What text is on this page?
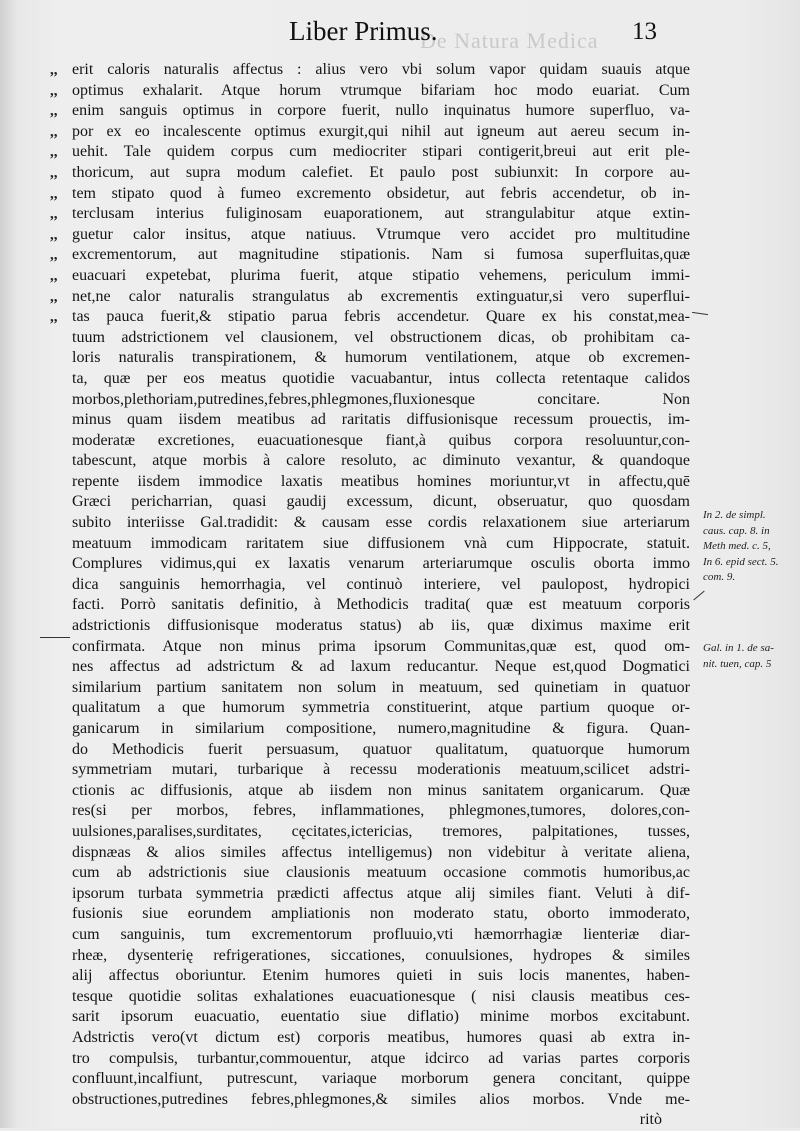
De Natura Medica
Liber Primus.	13
,, erit caloris naturalis affectus : alius vero vbi solum vapor quidam suauis atque
,, optimus exhalarit. Atque horum vtrumque bifariam hoc modo euariat. Cum
,, enim sanguis optimus in corpore fuerit, nullo inquinatus humore superfluo, va-
,, por ex eo incalescente optimus exurgit,qui nihil aut igneum aut aereu secum in-
,, uehit. Tale quidem corpus cum mediocriter stipari contigerit,breui aut erit ple-
,, thoricum, aut supra modum calefiet. Et paulo post subiunxit: In corpore au-
,, tem stipato quod à fumeo excremento obsidetur, aut febris accendetur, ob in-
,, terclusam interius fuliginosam euaporationem, aut strangulabitur atque extin-
,, guetur calor insitus, atque natiuus. Vtrumque vero accidet pro multitudine
,, excrementorum, aut magnitudine stipationis. Nam si fumosa superfluitas,quæ
,, euacuari expetebat, plurima fuerit, atque stipatio vehemens, periculum immi-
,, net,ne calor naturalis strangulatus ab excrementis extinguatur,si vero superflui-
,, tas pauca fuerit,& stipatio parua febris accendetur. Quare ex his constat,mea-
tuum adstrictionem vel clausionem, vel obstructionem dicas, ob prohibitam ca-
loris naturalis transpirationem, & humorum ventilationem, atque ob excremen-
ta, quæ per eos meatus quotidie vacuabantur, intus collecta retentaque calidos
morbos,plethoriam,putredines,febres,phlegmones,fluxionesque concitare. Non
minus quam iisdem meatibus ad raritatis diffusionisque recessum prouectis, im-
moderatæ excretiones, euacuationesque fiant,à quibus corpora resoluuntur,con-
tabescunt, atque morbis à calore resoluto, ac diminuto vexantur, & quandoque
repente iisdem immodice laxatis meatibus homines moriuntur,vt in affectu,quē
Græci pericharrian, quasi gaudij excessum, dicunt, obseruatur, quo quosdam
subito interiisse Gal.tradidit: & causam esse cordis relaxationem siue arteriarum
meatuum immodicam raritatem siue diffusionem vnà cum Hippocrate, statuit.
Complures vidimus,qui ex laxatis venarum arteriarumque osculis oborta immo
dica sanguinis hemorrhagia, vel continuò interiere, vel paulopost, hydropici
facti. Porrò sanitatis definitio, à Methodicis tradita( quæ est meatuum corporis
adstrictionis diffusionisque moderatus status) ab iis, quæ diximus maxime erit
confirmata. Atque non minus prima ipsorum Communitas,quæ est, quod om-
nes affectus ad adstrictum & ad laxum reducantur. Neque est,quod Dogmatici
similarium partium sanitatem non solum in meatuum, sed quinetiam in quatuor
qualitatum a que humorum symmetria constituerint, atque partium quoque or-
ganicarum in similarium compositione, numero,magnitudine & figura. Quan-
do Methodicis fuerit persuasum, quatuor qualitatum, quatuorque humorum
symmetriam mutari, turbarique à recessu moderationis meatuum,scilicet adstri-
ctionis ac diffusionis, atque ab iisdem non minus sanitatem organicarum. Quæ
res(si per morbos, febres, inflammationes, phlegmones,tumores, dolores,con-
uulsiones,paralises,surditates, cęcitates,ictericias, tremores, palpitationes, tusses,
dispnæas & alios similes affectus intelligemus) non videbitur à veritate aliena,
cum ab adstrictionis siue clausionis meatuum occasione commotis humoribus,ac
ipsorum turbata symmetria prædicti affectus atque alij similes fiant. Veluti à dif-
fusionis siue eorundem ampliationis non moderato statu, oborto immoderato,
cum sanguinis, tum excrementorum profluuio,vti hæmorrhagiæ lienteriæ diar-
rheæ, dysenterię refrigerationes, siccationes, conuulsiones, hydropes & similes
alij affectus oboriuntur. Etenim humores quieti in suis locis manentes, haben-
tesque quotidie solitas exhalationes euacuationesque ( nisi clausis meatibus ces-
sarit ipsorum euacuatio, euentatio siue diflatio) minime morbos excitabunt.
Adstrictis vero(vt dictum est) corporis meatibus, humores quasi ab extra in-
tro compulsis, turbantur,commouentur, atque idcirco ad varias partes corporis
confluunt,incalfiunt, putrescunt, variaque morborum genera concitant, quippe
obstructiones,putredines febres,phlegmones,& similes alios morbos. Vnde me-
ritò
In 2. de simpl.
caus. cap. 8. in
Meth med. c. 5,
In 6. epid sect. 5.
com. 9.
Gal. in 1. de sa-
nit. tuen, cap. 5
